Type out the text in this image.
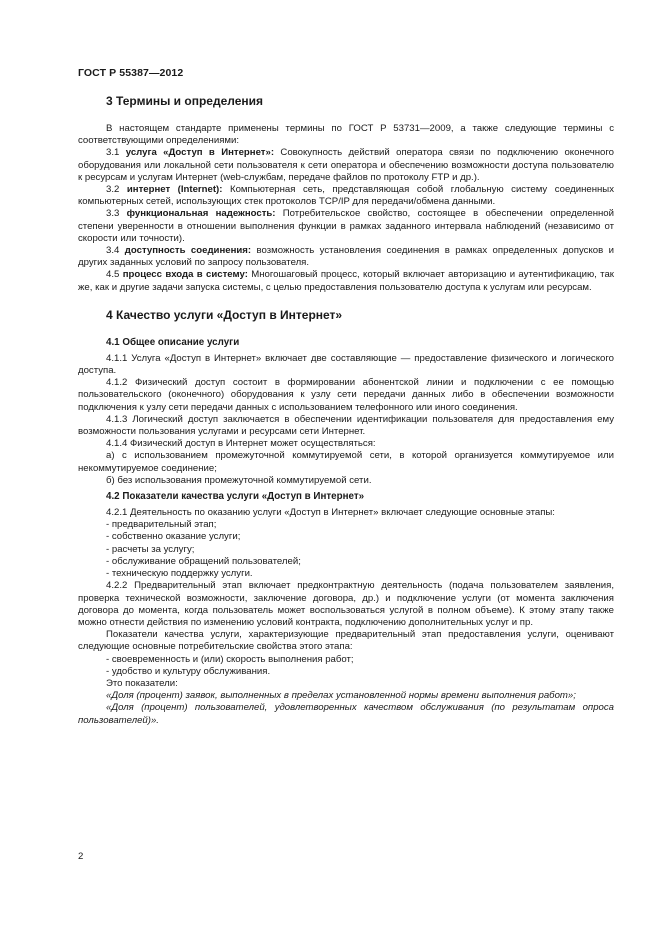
ГОСТ Р 55387—2012
3 Термины и определения

В настоящем стандарте применены термины по ГОСТ Р 53731—2009, а также следующие термины с соответствующими определениями:

3.1 услуга «Доступ в Интернет»: Совокупность действий оператора связи по подключению оконечного оборудования или локальной сети пользователя к сети оператора и обеспечению возможности доступа пользователю к ресурсам и услугам Интернет (web-службам, передаче файлов по протоколу FTP и др.).

3.2 интернет (Internet): Компьютерная сеть, представляющая собой глобальную систему соединенных компьютерных сетей, использующих стек протоколов TCP/IP для передачи/обмена данными.

3.3 функциональная надежность: Потребительское свойство, состоящее в обеспечении определенной степени уверенности в отношении выполнения функции в рамках заданного интервала наблюдений (независимо от скорости или точности).

3.4 доступность соединения: возможность установления соединения в рамках определенных допусков и других заданных условий по запросу пользователя.

4.5 процесс входа в систему: Многошаговый процесс, который включает авторизацию и аутентификацию, так же, как и другие задачи запуска системы, с целью предоставления пользователю доступа к услугам или ресурсам.

4 Качество услуги «Доступ в Интернет»
4.1 Общее описание услуги

4.1.1 Услуга «Доступ в Интернет» включает две составляющие — предоставление физического и логического доступа.

4.1.2 Физический доступ состоит в формировании абонентской линии и подключении с ее помощью пользовательского (оконечного) оборудования к узлу сети передачи данных либо в обеспечении возможности подключения к узлу сети передачи данных с использованием телефонного или иного соединения.

4.1.3 Логический доступ заключается в обеспечении идентификации пользователя для предоставления ему возможности пользования услугами и ресурсами сети Интернет.

4.1.4 Физический доступ в Интернет может осуществляться:

а) с использованием промежуточной коммутируемой сети, в которой организуется коммутируемое или некоммутируемое соединение;

б) без использования промежуточной коммутируемой сети.

4.2 Показатели качества услуги «Доступ в Интернет»

4.2.1 Деятельность по оказанию услуги «Доступ в Интернет» включает следующие основные этапы:

- предварительный этап;

- собственно оказание услуги;

- расчеты за услугу;

- обслуживание обращений пользователей;

- техническую поддержку услуги.

4.2.2 Предварительный этап включает предконтрактную деятельность (подача пользователем заявления, проверка технической возможности, заключение договора, др.) и подключение услуги (от момента заключения договора до момента, когда пользователь может воспользоваться услугой в полном объеме). К этому этапу также можно отнести действия по изменению условий контракта, подключению дополнительных услуг и пр.

Показатели качества услуги, характеризующие предварительный этап предоставления услуги, оценивают следующие основные потребительские свойства этого этапа:

- своевременность и (или) скорость выполнения работ;

- удобство и культуру обслуживания.

Это показатели:

«Доля (процент) заявок, выполненных в пределах установленной нормы времени выполнения работ»;

«Доля (процент) пользователей, удовлетворенных качеством обслуживания (по результатам опроса пользователей)».

2
